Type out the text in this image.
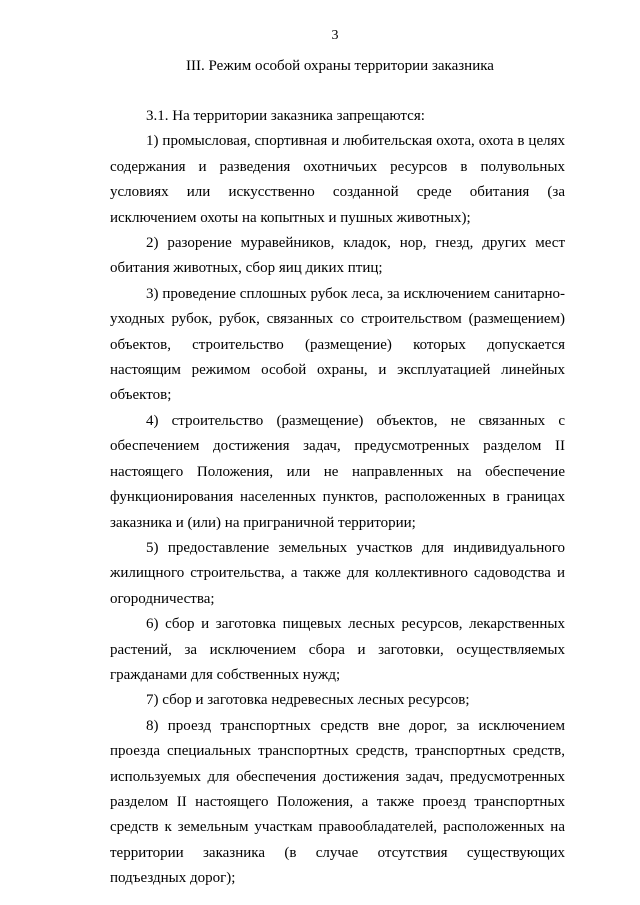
3
III. Режим особой охраны территории заказника

3.1. На территории заказника запрещаются:

1) промысловая, спортивная и любительская охота, охота в целях содержания и разведения охотничьих ресурсов в полувольных условиях или искусственно созданной среде обитания (за исключением охоты на копытных и пушных животных);

2) разорение муравейников, кладок, нор, гнезд, других мест обитания животных, сбор яиц диких птиц;

3) проведение сплошных рубок леса, за исключением санитарно-уходных рубок, рубок, связанных со строительством (размещением) объектов, строительство (размещение) которых допускается настоящим режимом особой охраны, и эксплуатацией линейных объектов;

4) строительство (размещение) объектов, не связанных с обеспечением достижения задач, предусмотренных разделом II настоящего Положения, или не направленных на обеспечение функционирования населенных пунктов, расположенных в границах заказника и (или) на приграничной территории;

5) предоставление земельных участков для индивидуального жилищного строительства, а также для коллективного садоводства и огородничества;

6) сбор и заготовка пищевых лесных ресурсов, лекарственных растений, за исключением сбора и заготовки, осуществляемых гражданами для собственных нужд;

7) сбор и заготовка недревесных лесных ресурсов;

8) проезд транспортных средств вне дорог, за исключением проезда специальных транспортных средств, транспортных средств, используемых для обеспечения достижения задач, предусмотренных разделом II настоящего Положения, а также проезд транспортных средств к земельным участкам правообладателей, расположенных на территории заказника (в случае отсутствия существующих подъездных дорог);
